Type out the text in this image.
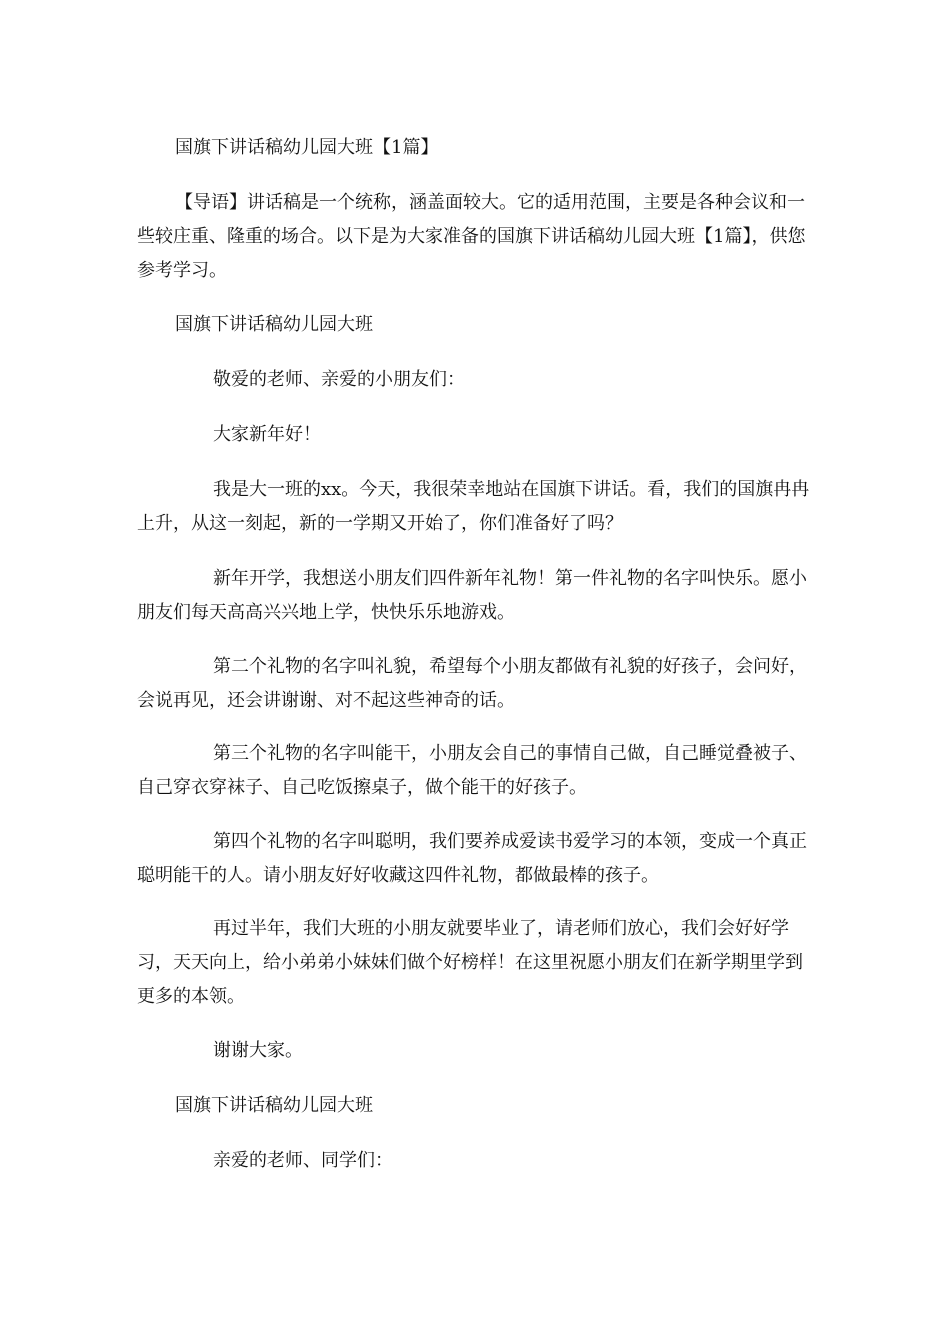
国旗下讲话稿幼儿园大班【1篇】

【导语】讲话稿是一个统称，涵盖面较大。它的适用范围，主要是各种会议和一些较庄重、隆重的场合。以下是为大家准备的国旗下讲话稿幼儿园大班【1篇】，供您参考学习。

国旗下讲话稿幼儿园大班

敬爱的老师、亲爱的小朋友们：

大家新年好！

我是大一班的xx。今天，我很荣幸地站在国旗下讲话。看，我们的国旗冉冉上升，从这一刻起，新的一学期又开始了，你们准备好了吗？

新年开学，我想送小朋友们四件新年礼物！第一件礼物的名字叫快乐。愿小朋友们每天高高兴兴地上学，快快乐乐地游戏。

第二个礼物的名字叫礼貌，希望每个小朋友都做有礼貌的好孩子，会问好，会说再见，还会讲谢谢、对不起这些神奇的话。

第三个礼物的名字叫能干，小朋友会自己的事情自己做，自己睡觉叠被子、自己穿衣穿袜子、自己吃饭擦桌子，做个能干的好孩子。

第四个礼物的名字叫聪明，我们要养成爱读书爱学习的本领，变成一个真正聪明能干的人。请小朋友好好收藏这四件礼物，都做最棒的孩子。

再过半年，我们大班的小朋友就要毕业了，请老师们放心，我们会好好学习，天天向上，给小弟弟小妹妹们做个好榜样！在这里祝愿小朋友们在新学期里学到更多的本领。

谢谢大家。

国旗下讲话稿幼儿园大班

亲爱的老师、同学们：
